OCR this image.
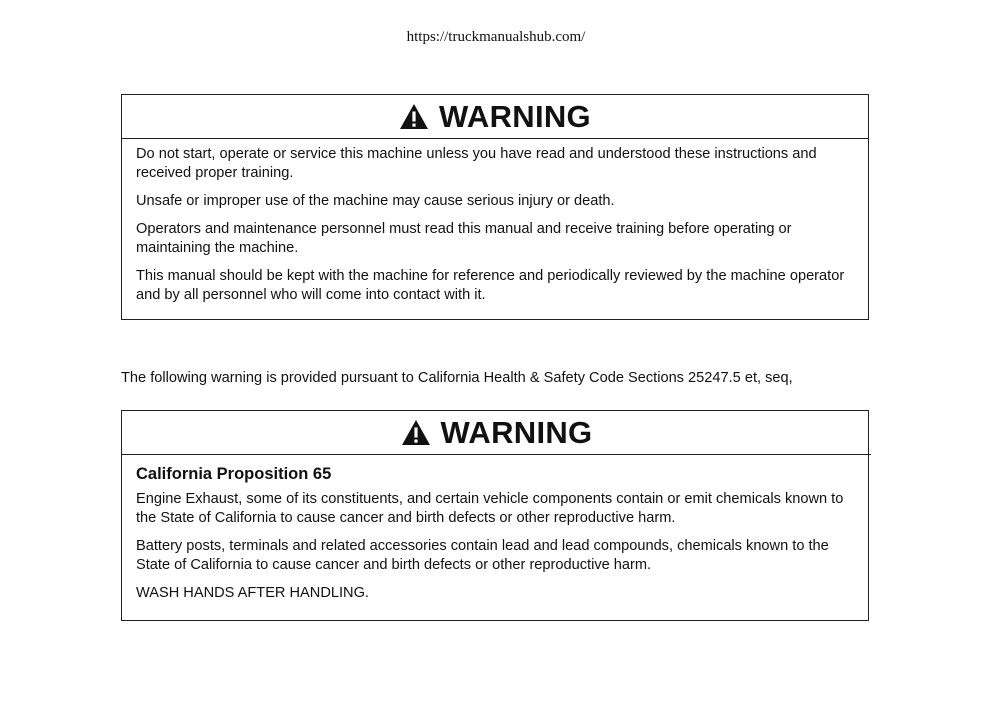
https://truckmanualshub.com/
WARNING

Do not start, operate or service this machine unless you have read and understood these instructions and received proper training.

Unsafe or improper use of the machine may cause serious injury or death.

Operators and maintenance personnel must read this manual and receive training before operating or maintaining the machine.

This manual should be kept with the machine for reference and periodically reviewed by the machine operator and by all personnel who will come into contact with it.

The following warning is provided pursuant to California Health & Safety Code Sections 25247.5 et, seq,
WARNING
California Proposition 65

Engine Exhaust, some of its constituents, and certain vehicle components contain or emit chemicals known to the State of California to cause cancer and birth defects or other reproductive harm.

Battery posts, terminals and related accessories contain lead and lead compounds, chemicals known to the State of California to cause cancer and birth defects or other reproductive harm.

WASH HANDS AFTER HANDLING.
